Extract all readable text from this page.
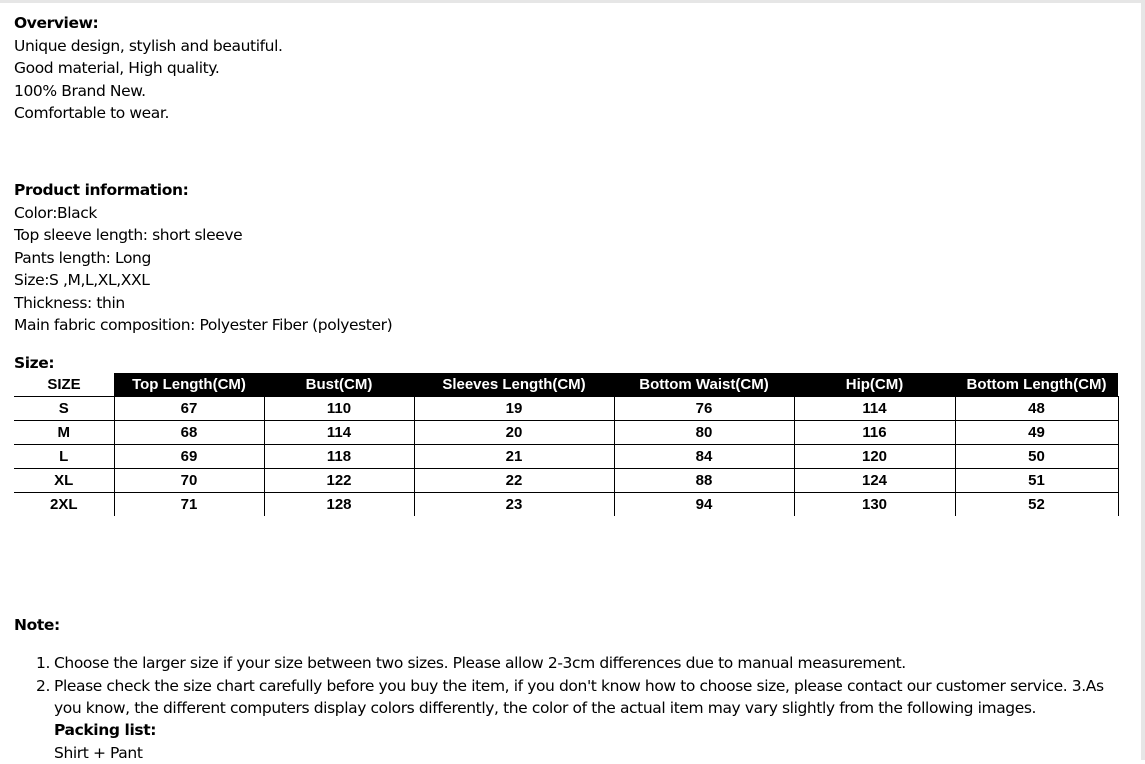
Overview:
Unique design, stylish and beautiful.
Good material, High quality.
100% Brand New.
Comfortable to wear.
Product information:
Color:Black
Top sleeve length: short sleeve
Pants length: Long
Size:S ,M,L,XL,XXL
Thickness: thin
Main fabric composition: Polyester Fiber (polyester)
Size:
SIZE	Top Length(CM)	Bust(CM)	Sleeves Length(CM)	Bottom Waist(CM)	Hip(CM)	Bottom Length(CM)
S	67	110	19	76	114	48
M	68	114	20	80	116	49
L	69	118	21	84	120	50
XL	70	122	22	88	124	51
2XL	71	128	23	94	130	52
Note:
1. Choose the larger size if your size between two sizes. Please allow 2-3cm differences due to manual measurement.
2. Please check the size chart carefully before you buy the item, if you don't know how to choose size, please contact our customer service. 3.As you know, the different computers display colors differently, the color of the actual item may vary slightly from the following images.
Packing list:
Shirt + Pant
